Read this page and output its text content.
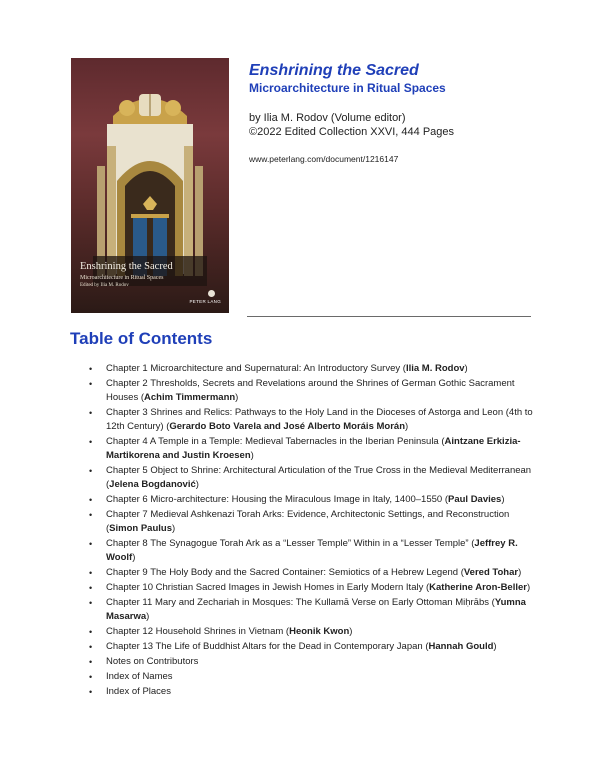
Enshrining the Sacred
Microarchitecture in Ritual Spaces
Edited by Ilia M. Rodov
PETER LANG
Enshrining the Sacred
Microarchitecture in Ritual Spaces
by Ilia M. Rodov (Volume editor)
©2022 Edited Collection XXVI, 444 Pages
www.peterlang.com/document/1216147
Table of Contents
• Chapter 1 Microarchitecture and Supernatural: An Introductory Survey (Ilia M. Rodov)
• Chapter 2 Thresholds, Secrets and Revelations around the Shrines of German Gothic Sacrament Houses (Achim Timmermann)
• Chapter 3 Shrines and Relics: Pathways to the Holy Land in the Dioceses of Astorga and Leon (4th to 12th Century) (Gerardo Boto Varela and José Alberto Moráis Morán)
• Chapter 4 A Temple in a Temple: Medieval Tabernacles in the Iberian Peninsula (Aintzane Erkizia-Martikorena and Justin Kroesen)
• Chapter 5 Object to Shrine: Architectural Articulation of the True Cross in the Medieval Mediterranean (Jelena Bogdanović)
• Chapter 6 Micro-architecture: Housing the Miraculous Image in Italy, 1400–1550 (Paul Davies)
• Chapter 7 Medieval Ashkenazi Torah Arks: Evidence, Architectonic Settings, and Reconstruction (Simon Paulus)
• Chapter 8 The Synagogue Torah Ark as a “Lesser Temple” Within in a “Lesser Temple” (Jeffrey R. Woolf)
• Chapter 9 The Holy Body and the Sacred Container: Semiotics of a Hebrew Legend (Vered Tohar)
• Chapter 10 Christian Sacred Images in Jewish Homes in Early Modern Italy (Katherine Aron-Beller)
• Chapter 11 Mary and Zechariah in Mosques: The Kullamā Verse on Early Ottoman Miḥrābs (Yumna Masarwa)
• Chapter 12 Household Shrines in Vietnam (Heonik Kwon)
• Chapter 13 The Life of Buddhist Altars for the Dead in Contemporary Japan (Hannah Gould)
• Notes on Contributors
• Index of Names
• Index of Places
